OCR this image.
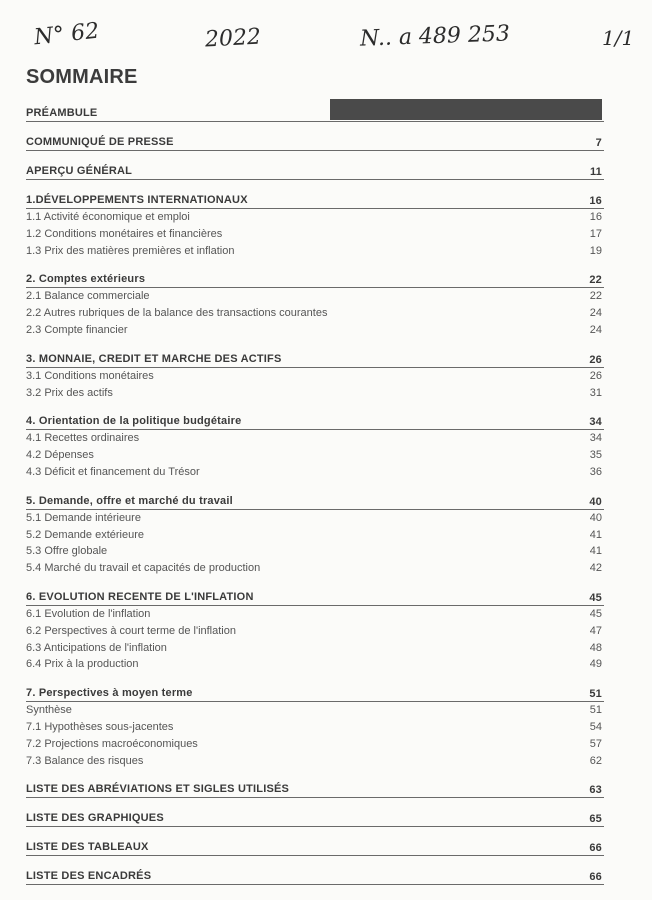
N° 62	2022	N.. a 489 253	1/1
SOMMAIRE
PRÉAMBULE
COMMUNIQUÉ DE PRESSE	7
APERÇU GÉNÉRAL	11
1.DÉVELOPPEMENTS INTERNATIONAUX	16
1.1 Activité économique et emploi	16
1.2 Conditions monétaires et financières	17
1.3 Prix des matières premières et inflation	19
2. Comptes extérieurs	22
2.1 Balance commerciale	22
2.2 Autres rubriques de la balance des transactions courantes	24
2.3 Compte financier	24
3. MONNAIE, CREDIT ET MARCHE DES ACTIFS	26
3.1 Conditions monétaires	26
3.2 Prix des actifs	31
4. Orientation de la politique budgétaire	34
4.1 Recettes ordinaires	34
4.2 Dépenses	35
4.3 Déficit et financement du Trésor	36
5. Demande, offre et marché du travail	40
5.1 Demande intérieure	40
5.2 Demande extérieure	41
5.3 Offre globale	41
5.4 Marché du travail et capacités de production	42
6. EVOLUTION RECENTE DE L'INFLATION	45
6.1 Evolution de l'inflation	45
6.2 Perspectives à court terme de l'inflation	47
6.3 Anticipations de l'inflation	48
6.4 Prix à la production	49
7. Perspectives à moyen terme	51
Synthèse	51
7.1 Hypothèses sous-jacentes	54
7.2 Projections macroéconomiques	57
7.3 Balance des risques	62
LISTE DES ABRÉVIATIONS ET SIGLES UTILISÉS	63
LISTE DES GRAPHIQUES	65
LISTE DES TABLEAUX	66
LISTE DES ENCADRÉS	66
